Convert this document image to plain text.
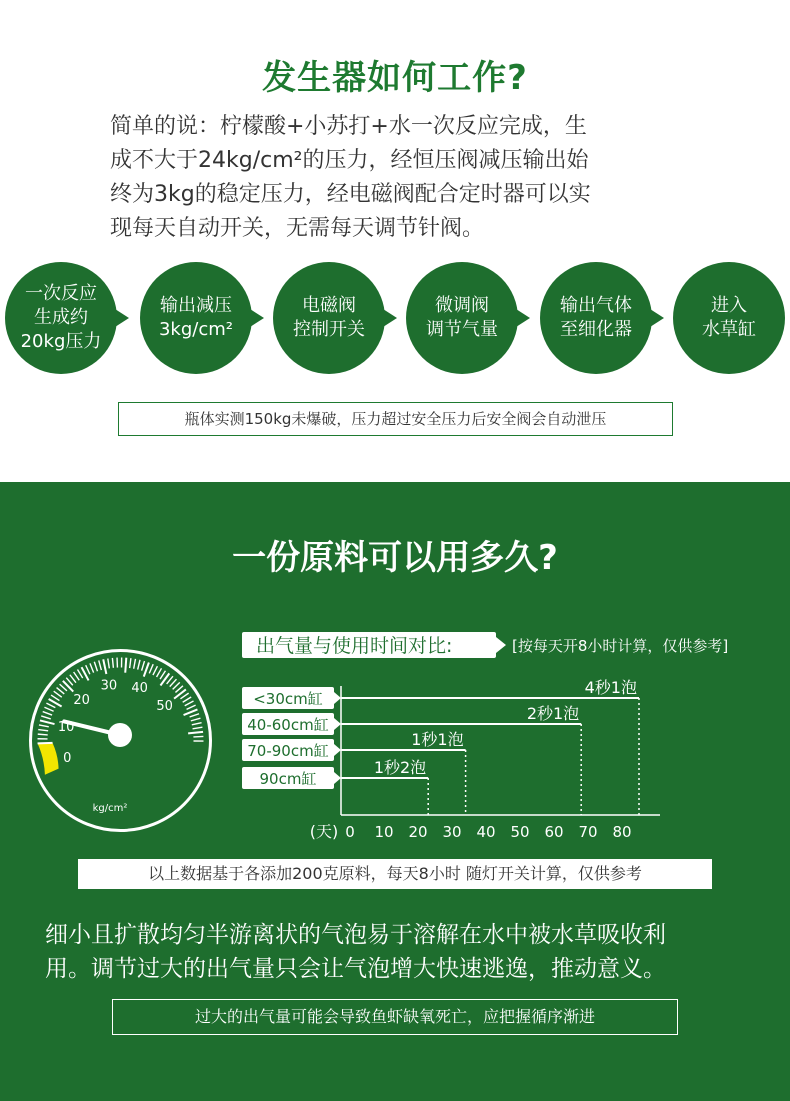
发生器如何工作?

简单的说：柠檬酸+小苏打+水一次反应完成，生

成不大于24kg/cm²的压力，经恒压阀减压输出始

终为3kg的稳定压力，经电磁阀配合定时器可以实

现每天自动开关，无需每天调节针阀。

一次反应
生成约
20kg压力
输出减压
3kg/cm²
电磁阀
控制开关
微调阀
调节气量
输出气体
至细化器
进入
水草缸
瓶体实测150kg未爆破，压力超过安全压力后安全阀会自动泄压
一份原料可以用多久?
0
10
20
30 40
50
kg/cm²
出气量与使用时间对比:	[按每天开8小时计算，仅供参考]
<30cm缸
4秒1泡
40-60cm缸
2秒1泡
70-90cm缸
1秒1泡
90cm缸
1秒2泡
0 10 20 30 40 50 60 70 80
(天)
以上数据基于各添加200克原料，每天8小时 随灯开关计算，仅供参考

细小且扩散均匀半游离状的气泡易于溶解在水中被水草吸收利

用。调节过大的出气量只会让气泡增大快速逃逸，推动意义。

过大的出气量可能会导致鱼虾缺氧死亡，应把握循序渐进
